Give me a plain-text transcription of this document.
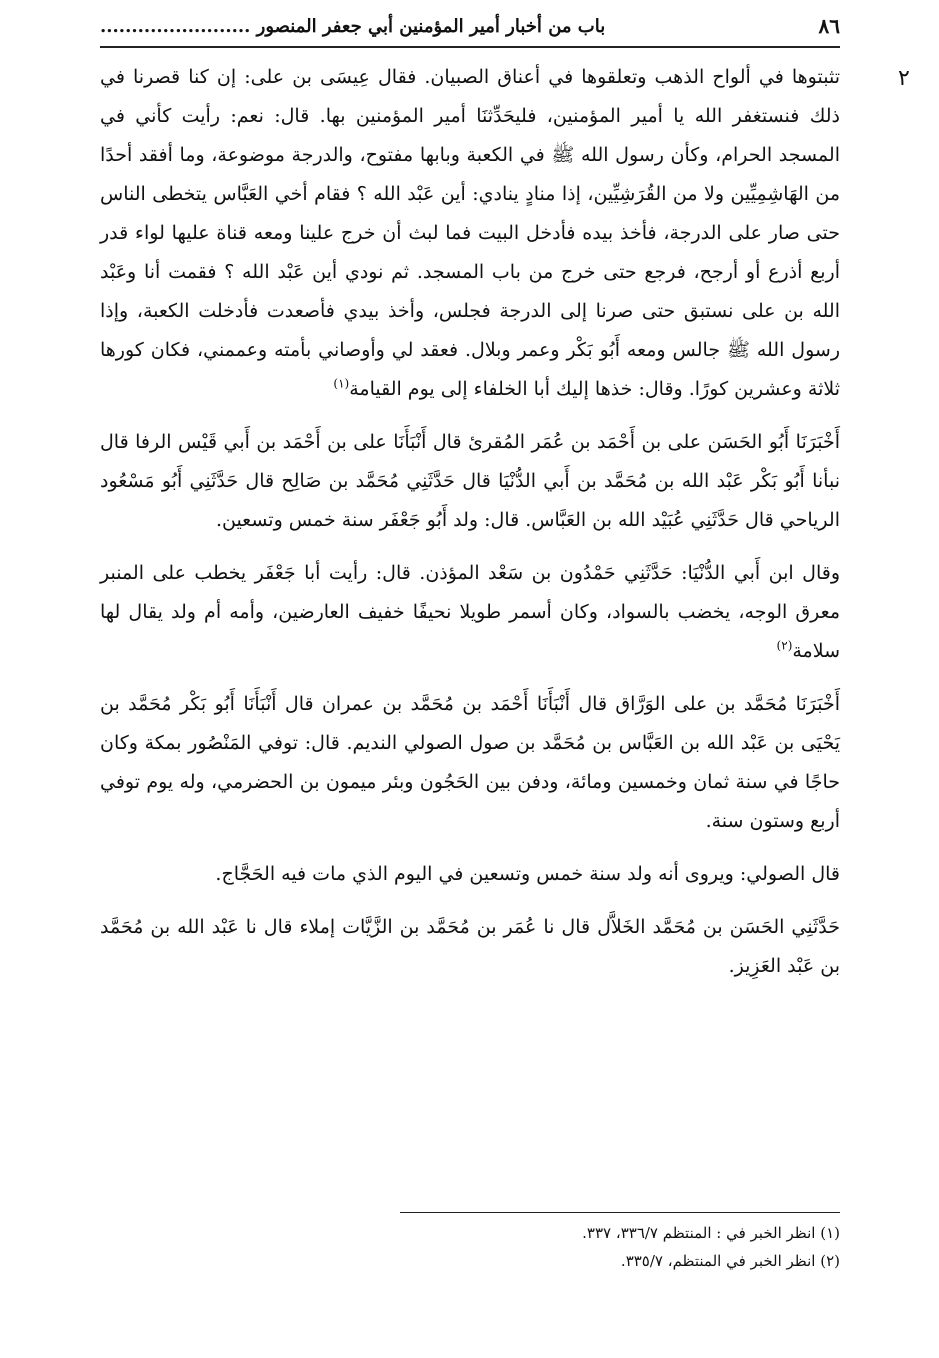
٨٦
باب من أخبار أمير المؤمنين أبي جعفر المنصور ........................
٢

تثبتوها في ألواح الذهب وتعلقوها في أعناق الصبيان. فقال عِيسَى بن على: إن كنا قصرنا في ذلك فنستغفر الله يا أمير المؤمنين، فليحَدِّثنَا أمير المؤمنين بها. قال: نعم: رأيت كأني في المسجد الحرام، وكأن رسول الله ﷺ في الكعبة وبابها مفتوح، والدرجة موضوعة، وما أفقد أحدًا من الهَاشِمِيِّين ولا من القُرَشِيِّين، إذا منادٍ ينادي: أين عَبْد الله ؟ فقام أخي العَبَّاس يتخطى الناس حتى صار على الدرجة، فأخذ بيده فأدخل البيت فما لبث أن خرج علينا ومعه قناة عليها لواء قدر أربع أذرع أو أرجح، فرجع حتى خرج من باب المسجد. ثم نودي أين عَبْد الله ؟ فقمت أنا وعَبْد الله بن على نستبق حتى صرنا إلى الدرجة فجلس، وأخذ بيدي فأصعدت فأدخلت الكعبة، وإذا رسول الله ﷺ جالس ومعه أَبُو بَكْر وعمر وبلال. فعقد لي وأوصاني بأمته وعممني، فكان كورها ثلاثة وعشرين كورًا. وقال: خذها إليك أبا الخلفاء إلى يوم القيامة$^{(١)}$

أَخْبَرَنَا أَبُو الحَسَن على بن أَحْمَد بن عُمَر المُقرئ قال أَنْبَأَنَا على بن أَحْمَد بن أَبي قَيْس الرفا قال نبأنا أَبُو بَكْر عَبْد الله بن مُحَمَّد بن أَبي الدُّنْيَا قال حَدَّثَنِي مُحَمَّد بن صَالِح قال حَدَّثَنِي أَبُو مَسْعُود الرياحي قال حَدَّثَنِي عُبَيْد الله بن العَبَّاس. قال: ولد أَبُو جَعْفَر سنة خمس وتسعين.

وقال ابن أَبي الدُّنْيَا: حَدَّثَنِي حَمْدُون بن سَعْد المؤذن. قال: رأيت أبا جَعْفَر يخطب على المنبر معرق الوجه، يخضب بالسواد، وكان أسمر طويلا نحيفًا خفيف العارضين، وأمه أم ولد يقال لها سلامة$^{(٢)}$

أَخْبَرَنَا مُحَمَّد بن على الوَرَّاق قال أَنْبَأَنَا أَحْمَد بن مُحَمَّد بن عمران قال أَنْبَأَنَا أَبُو بَكْر مُحَمَّد بن يَحْيَى بن عَبْد الله بن العَبَّاس بن مُحَمَّد بن صول الصولي النديم. قال: توفي المَنْصُور بمكة وكان حاجًا في سنة ثمان وخمسين ومائة، ودفن بين الحَجُون وبئر ميمون بن الحضرمي، وله يوم توفي أربع وستون سنة.

قال الصولي: ويروى أنه ولد سنة خمس وتسعين في اليوم الذي مات فيه الحَجَّاج.

حَدَّثَنِي الحَسَن بن مُحَمَّد الخَلاَّل قال نا عُمَر بن مُحَمَّد بن الزَّيَّات إملاء قال نا عَبْد الله بن مُحَمَّد بن عَبْد العَزِيز.

(١) انظر الخبر في : المنتظم ٣٣٦/٧، ٣٣٧.

(٢) انظر الخبر في المنتظم، ٣٣٥/٧.
